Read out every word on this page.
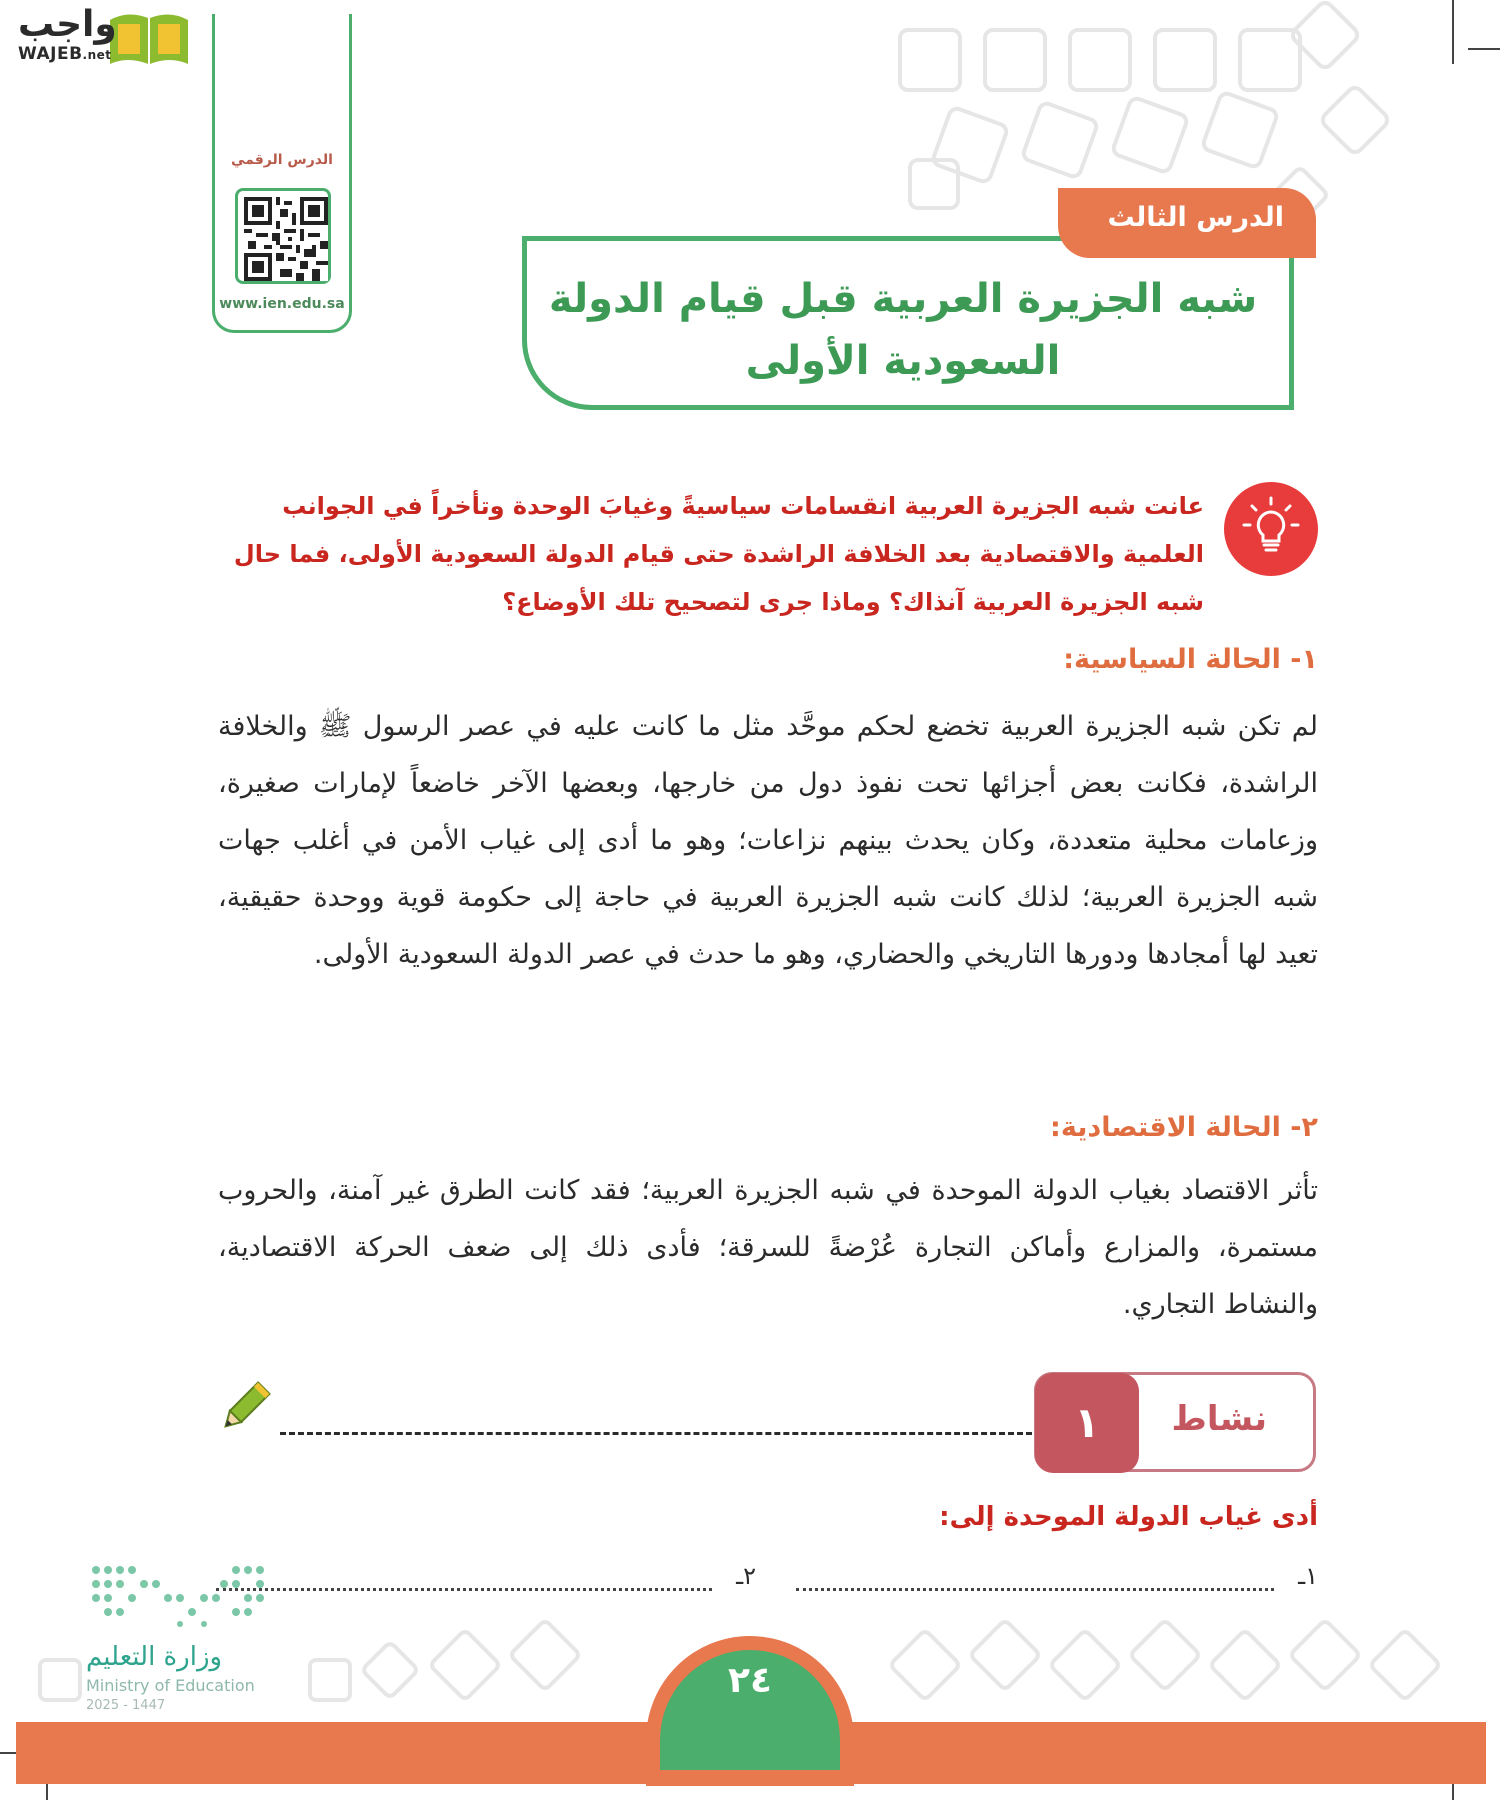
واجب
WAJEB.net
الدرس الرقمي
www.ien.edu.sa	شبه الجزيرة العربية قبل قيام الدولة
السعودية الأولى
الدرس الثالث
عانت شبه الجزيرة العربية انقسامات سياسيةً وغيابَ الوحدة وتأخراً في الجوانب العلمية والاقتصادية بعد الخلافة الراشدة حتى قيام الدولة السعودية الأولى، فما حال شبه الجزيرة العربية آنذاك؟ وماذا جرى لتصحيح تلك الأوضاع؟
١- الحالة السياسية:
لم تكن شبه الجزيرة العربية تخضع لحكم موحَّد مثل ما كانت عليه في عصر الرسول ﷺ والخلافة الراشدة، فكانت بعض أجزائها تحت نفوذ دول من خارجها، وبعضها الآخر خاضعاً لإمارات صغيرة، وزعامات محلية متعددة، وكان يحدث بينهم نزاعات؛ وهو ما أدى إلى غياب الأمن في أغلب جهات شبه الجزيرة العربية؛ لذلك كانت شبه الجزيرة العربية في حاجة إلى حكومة قوية ووحدة حقيقية، تعيد لها أمجادها ودورها التاريخي والحضاري، وهو ما حدث في عصر الدولة السعودية الأولى.
٢- الحالة الاقتصادية:
تأثر الاقتصاد بغياب الدولة الموحدة في شبه الجزيرة العربية؛ فقد كانت الطرق غير آمنة، والحروب مستمرة، والمزارع وأماكن التجارة عُرْضةً للسرقة؛ فأدى ذلك إلى ضعف الحركة الاقتصادية، والنشاط التجاري.
١	نشاط
أدى غياب الدولة الموحدة إلى:
١ـ
٢ـ
وزارة التعليم
Ministry of Education
2025 - 1447
٢٤
